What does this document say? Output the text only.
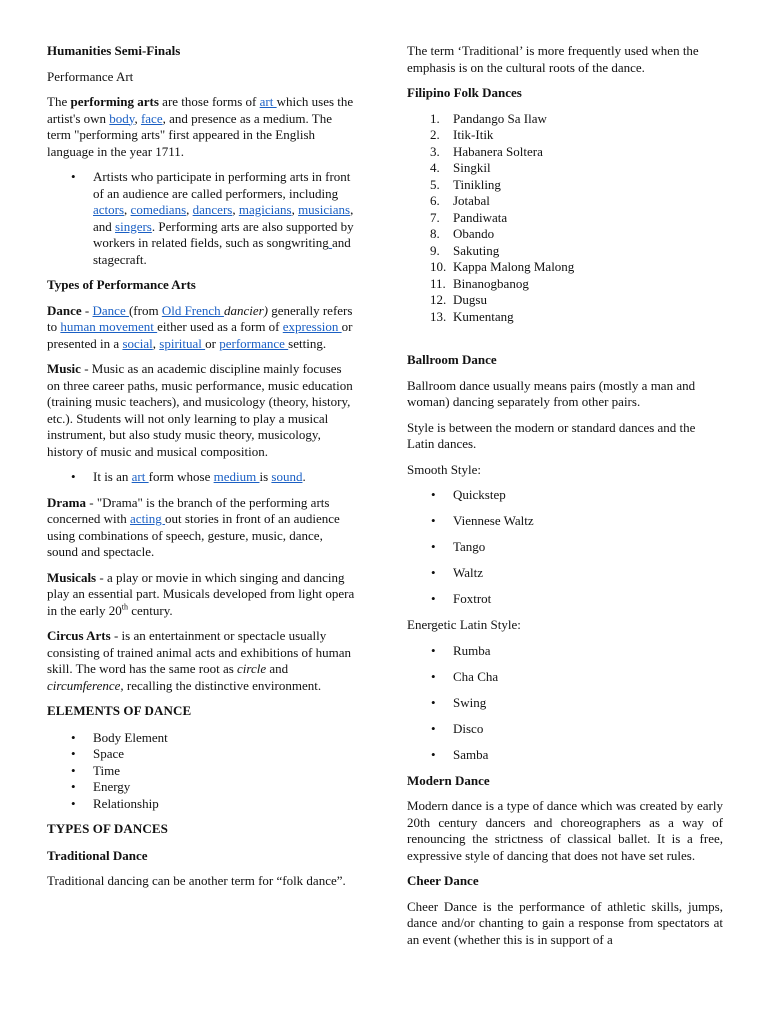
Humanities Semi-Finals

Performance Art

The performing arts are those forms of art which uses the artist's own body, face, and presence as a medium. The term "performing arts" first appeared in the English language in the year 1711.

• Artists who participate in performing arts in front of an audience are called performers, including actors, comedians, dancers, magicians, musicians, and singers. Performing arts are also supported by workers in related fields, such as songwriting and stagecraft.
Types of Performance Arts

Dance - Dance (from Old French dancier) generally refers to human movement either used as a form of expression or presented in a social, spiritual or performance setting.

Music - Music as an academic discipline mainly focuses on three career paths, music performance, music education (training music teachers), and musicology (theory, history, etc.). Students will not only learning to play a musical instrument, but also study music theory, musicology, history of music and musical composition.

• It is an art form whose medium is sound.

Drama - "Drama" is the branch of the performing arts concerned with acting out stories in front of an audience using combinations of speech, gesture, music, dance, sound and spectacle.

Musicals - a play or movie in which singing and dancing play an essential part. Musicals developed from light opera in the early 20th century.

Circus Arts - is an entertainment or spectacle usually consisting of trained animal acts and exhibitions of human skill. The word has the same root as circle and circumference, recalling the distinctive environment.

ELEMENTS OF DANCE
• Body Element
• Space
• Time
• Energy
• Relationship
TYPES OF DANCES
Traditional Dance

Traditional dancing can be another term for “folk dance”.

The term ‘Traditional’ is more frequently used when the emphasis is on the cultural roots of the dance.

Filipino Folk Dances
1.	Pandango Sa Ilaw
2.	Itik-Itik
3.	Habanera Soltera
4.	Singkil
5.	Tinikling
6.	Jotabal
7.	Pandiwata
8.	Obando
9.	Sakuting
10. Kappa Malong Malong
11. Binanogbanog
12. Dugsu
13. Kumentang
Ballroom Dance

Ballroom dance usually means pairs (mostly a man and woman) dancing separately from other pairs.

Style is between the modern or standard dances and the Latin dances.

Smooth Style:

• Quickstep
• Viennese Waltz
• Tango
• Waltz
• Foxtrot

Energetic Latin Style:

• Rumba
• Cha Cha
• Swing
• Disco
• Samba
Modern Dance

Modern dance is a type of dance which was created by early 20th century dancers and choreographers as a way of renouncing the strictness of classical ballet. It is a free, expressive style of dancing that does not have set rules.

Cheer Dance

Cheer Dance is the performance of athletic skills, jumps, dance and/or chanting to gain a response from spectators at an event (whether this is in support of a
